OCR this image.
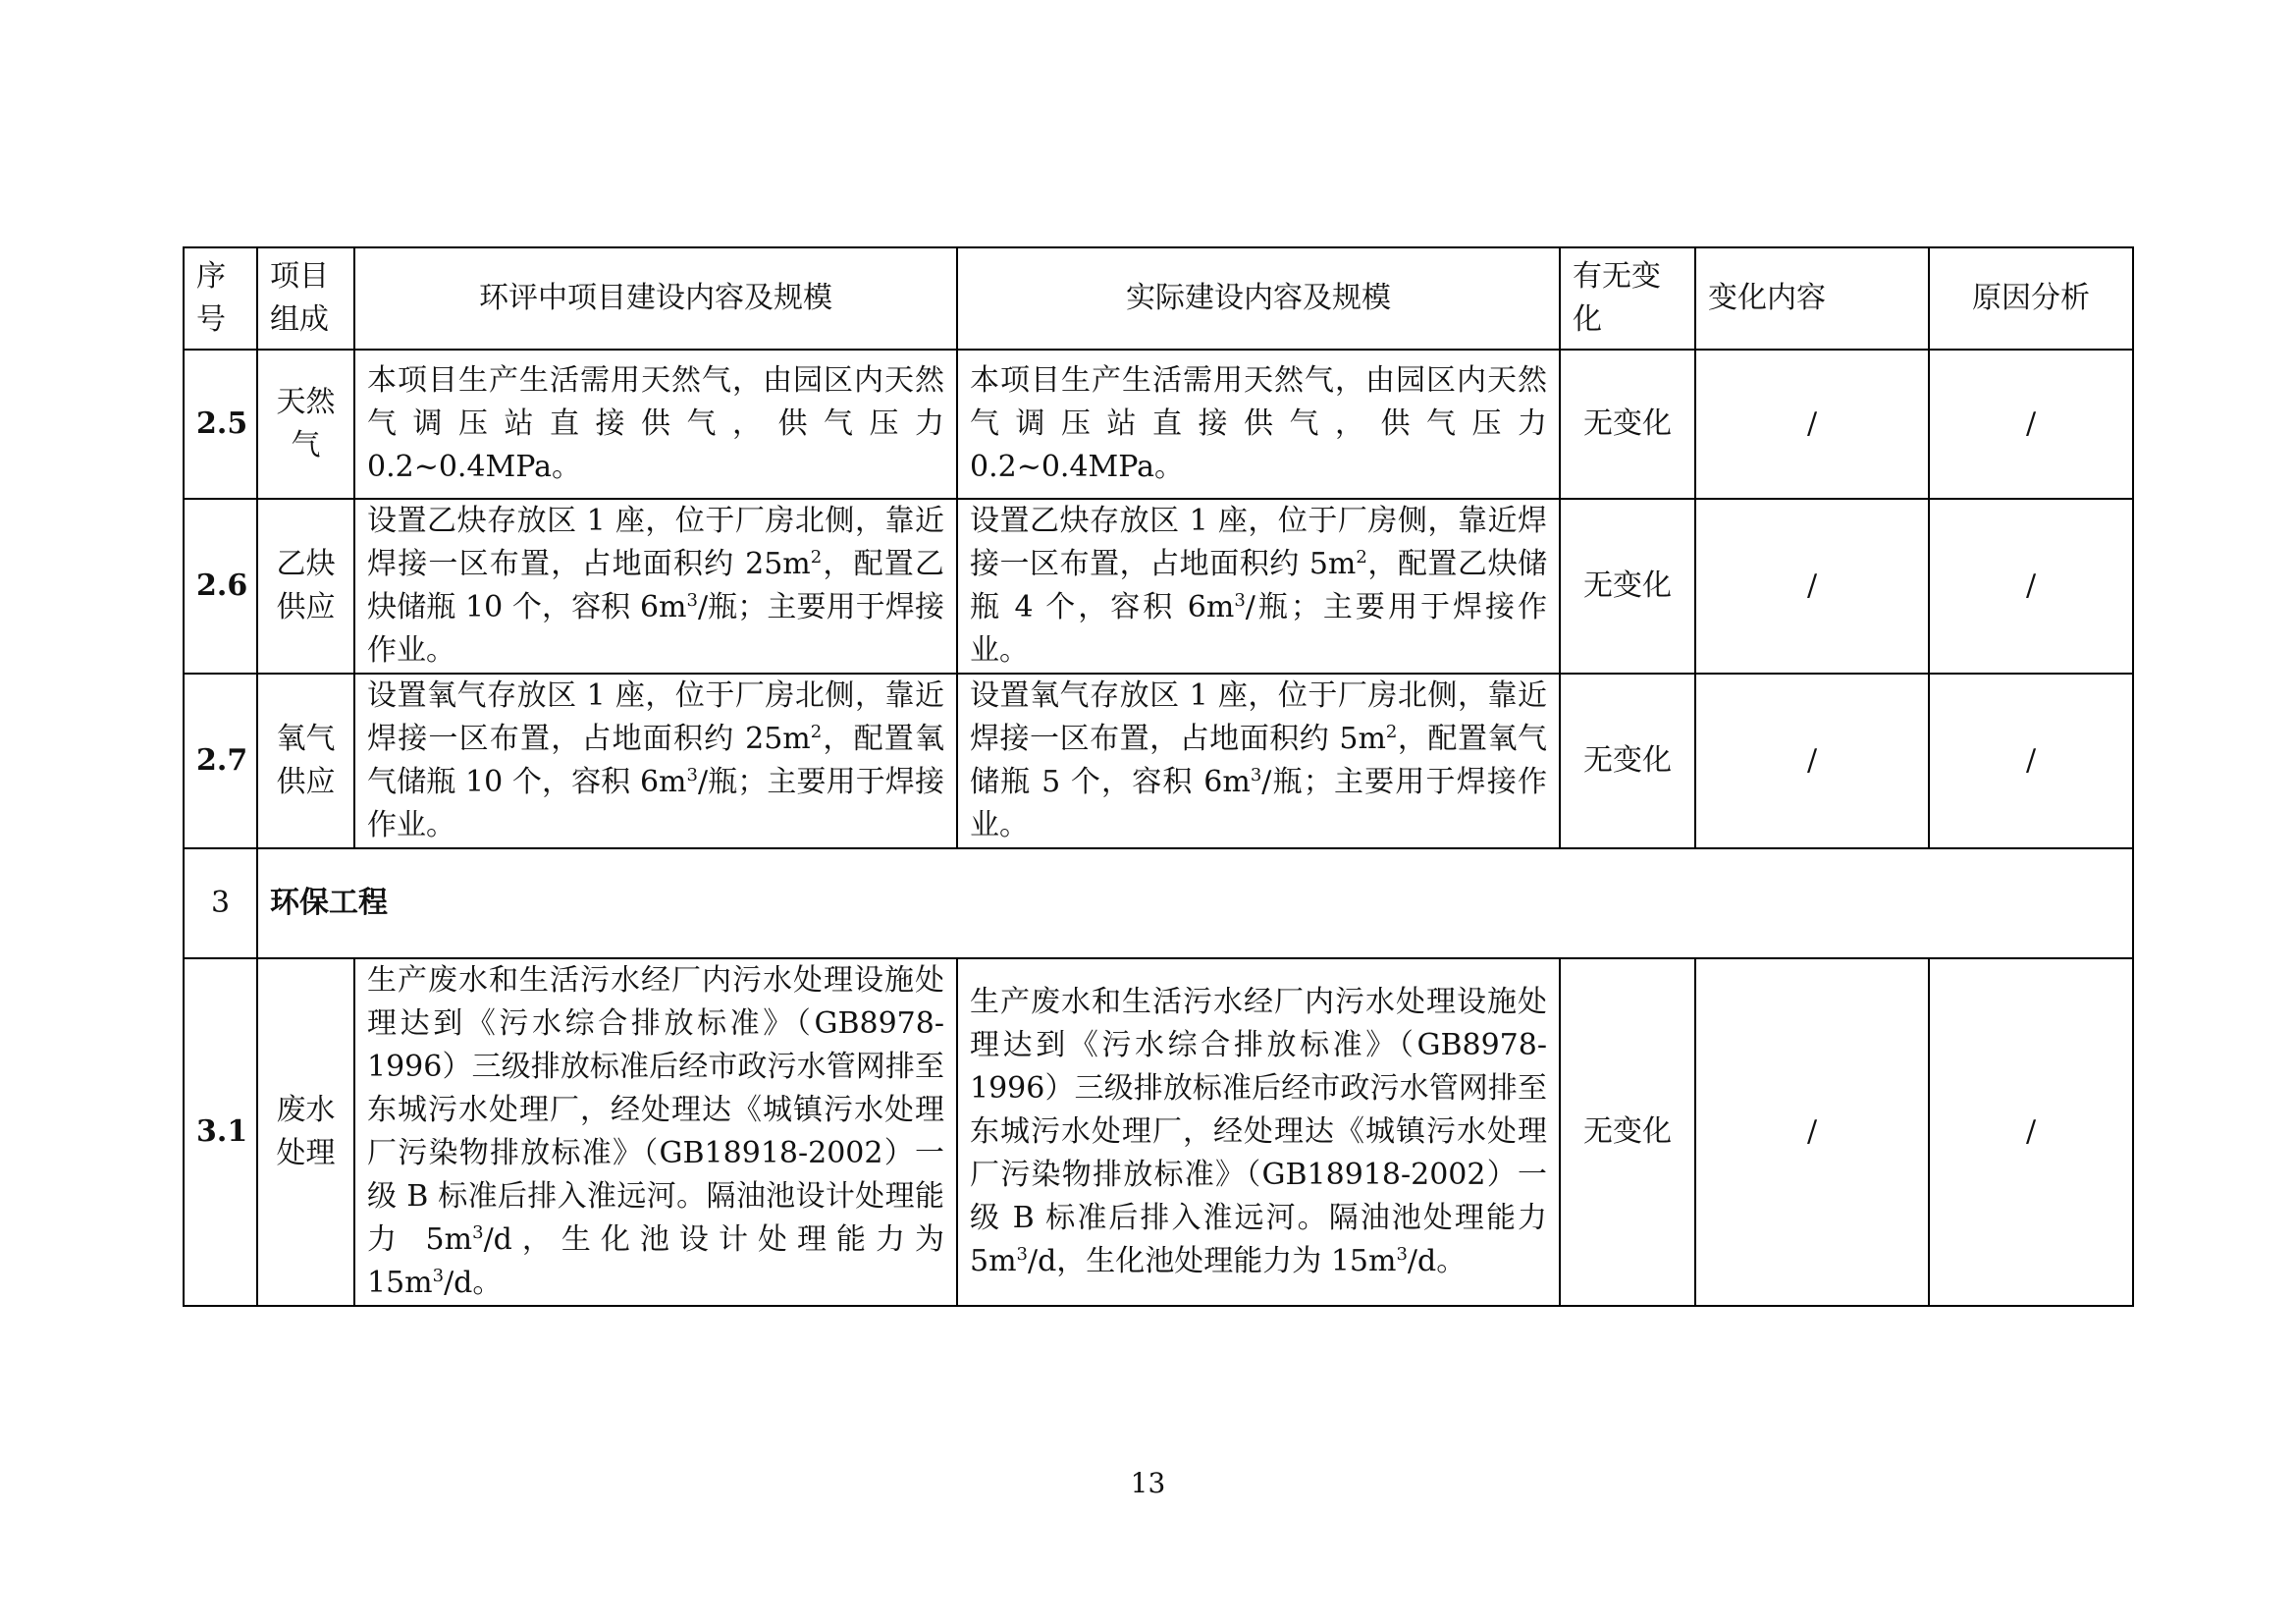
序号	项目组成	环评中项目建设内容及规模	实际建设内容及规模	有无变化	变化内容	原因分析
2.5	天然气	本项目生产生活需用天然气，由园区内天然气调压站直接供气，供气压力0.2~0.4MPa。	本项目生产生活需用天然气，由园区内天然气调压站直接供气，供气压力0.2~0.4MPa。	无变化	/	/
2.6	乙炔供应	设置乙炔存放区 1 座，位于厂房北侧，靠近焊接一区布置，占地面积约 $25m^2$，配置乙炔储瓶 10 个，容积 $6m^3/$瓶；主要用于焊接作业。	设置乙炔存放区 1 座，位于厂房侧，靠近焊接一区布置，占地面积约 $5m^2$，配置乙炔储瓶 4 个，容积 $6m^3/$瓶；主要用于焊接作业。	无变化	/	/
2.7	氧气供应	设置氧气存放区 1 座，位于厂房北侧，靠近焊接一区布置，占地面积约 $25m^2$，配置氧气储瓶 10 个，容积 $6m^3/$瓶；主要用于焊接作业。	设置氧气存放区 1 座，位于厂房北侧，靠近焊接一区布置，占地面积约 $5m^2$，配置氧气储瓶 5 个，容积 $6m^3/$瓶；主要用于焊接作业。	无变化	/	/
3	环保工程					
3.1	废水处理	生产废水和生活污水经厂内污水处理设施处理达到《污水综合排放标准》（GB8978-1996）三级排放标准后经市政污水管网排至东城污水处理厂，经处理达《城镇污水处理厂污染物排放标准》（GB18918-2002）一级 B 标准后排入淮远河。隔油池设计处理能力 $5m^3/d$，生化池设计处理能力为 $15m^3/d$。	生产废水和生活污水经厂内污水处理设施处理达到《污水综合排放标准》（GB8978-1996）三级排放标准后经市政污水管网排至东城污水处理厂，经处理达《城镇污水处理厂污染物排放标准》（GB18918-2002）一级 B 标准后排入淮远河。隔油池处理能力 $5m^3/d$，生化池处理能力为 $15m^3/d$。	无变化	/	/
13
